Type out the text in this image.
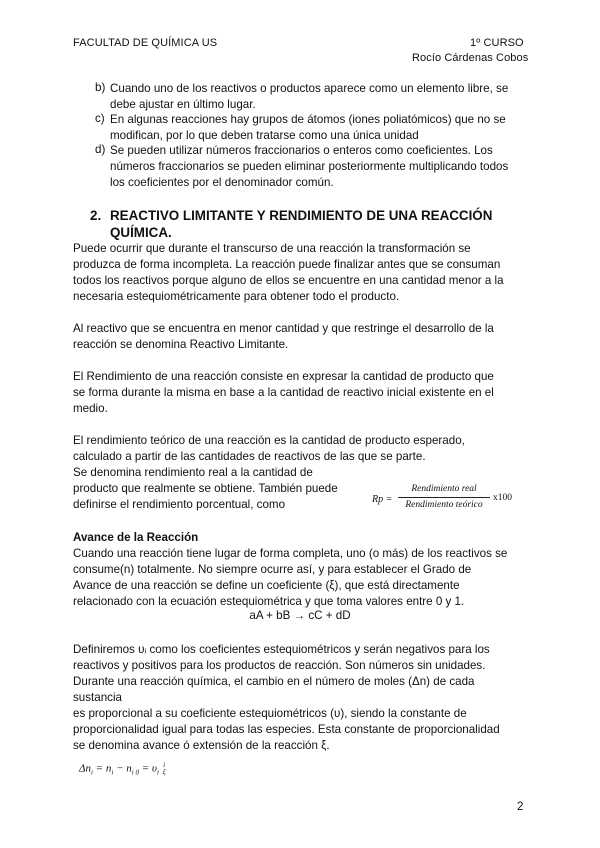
FACULTAD DE QUÍMICA US	1º CURSO
Rocío Cárdenas Cobos
b) Cuando uno de los reactivos o productos aparece como un elemento libre, se
debe ajustar en último lugar.
c) En algunas reacciones hay grupos de átomos (iones poliatómicos) que no se
modifican, por lo que deben tratarse como una única unidad
d) Se pueden utilizar números fraccionarios o enteros como coeficientes. Los
números fraccionarios se pueden eliminar posteriormente multiplicando todos
los coeficientes por el denominador común.
2. REACTIVO LIMITANTE Y RENDIMIENTO DE UNA REACCIÓN
QUÍMICA.
Puede ocurrir que durante el transcurso de una reacción la transformación se
produzca de forma incompleta. La reacción puede finalizar antes que se consuman
todos los reactivos porque alguno de ellos se encuentre en una cantidad menor a la
necesaria estequiométricamente para obtener todo el producto.
Al reactivo que se encuentra en menor cantidad y que restringe el desarrollo de la
reacción se denomina Reactivo Limitante.
El Rendimiento de una reacción consiste en expresar la cantidad de producto que
se forma durante la misma en base a la cantidad de reactivo inicial existente en el
medio.
El rendimiento teórico de una reacción es la cantidad de producto esperado,
calculado a partir de las cantidades de reactivos de las que se parte.
Se denomina rendimiento real a la cantidad de
producto que realmente se obtiene. También puede
definirse el rendimiento porcentual, como	Rp =
Rendimiento real
Rendimiento teórico
x100
Avance de la Reacción
Cuando una reacción tiene lugar de forma completa, uno (o más) de los reactivos se
consume(n) totalmente. No siempre ocurre así, y para establecer el Grado de
Avance de una reacción se define un coeficiente (ξ), que está directamente
relacionado con la ecuación estequiométrica y que toma valores entre 0 y 1.
aA + bB → cC + dD
Definiremos υᵢ como los coeficientes estequiométricos y serán negativos para los
reactivos y positivos para los productos de reacción. Son números sin unidades.
Durante una reacción química, el cambio en el número de moles (Δn) de cada
sustancia
es proporcional a su coeficiente estequiométricos (υ), siendo la constante de
proporcionalidad igual para todas las especies. Esta constante de proporcionalidad
se denomina avance ó extensión de la reacción ξ.
$\Delta n_i = n_i - n_{i 0} = \upsilon_i$
i
ξ
2
